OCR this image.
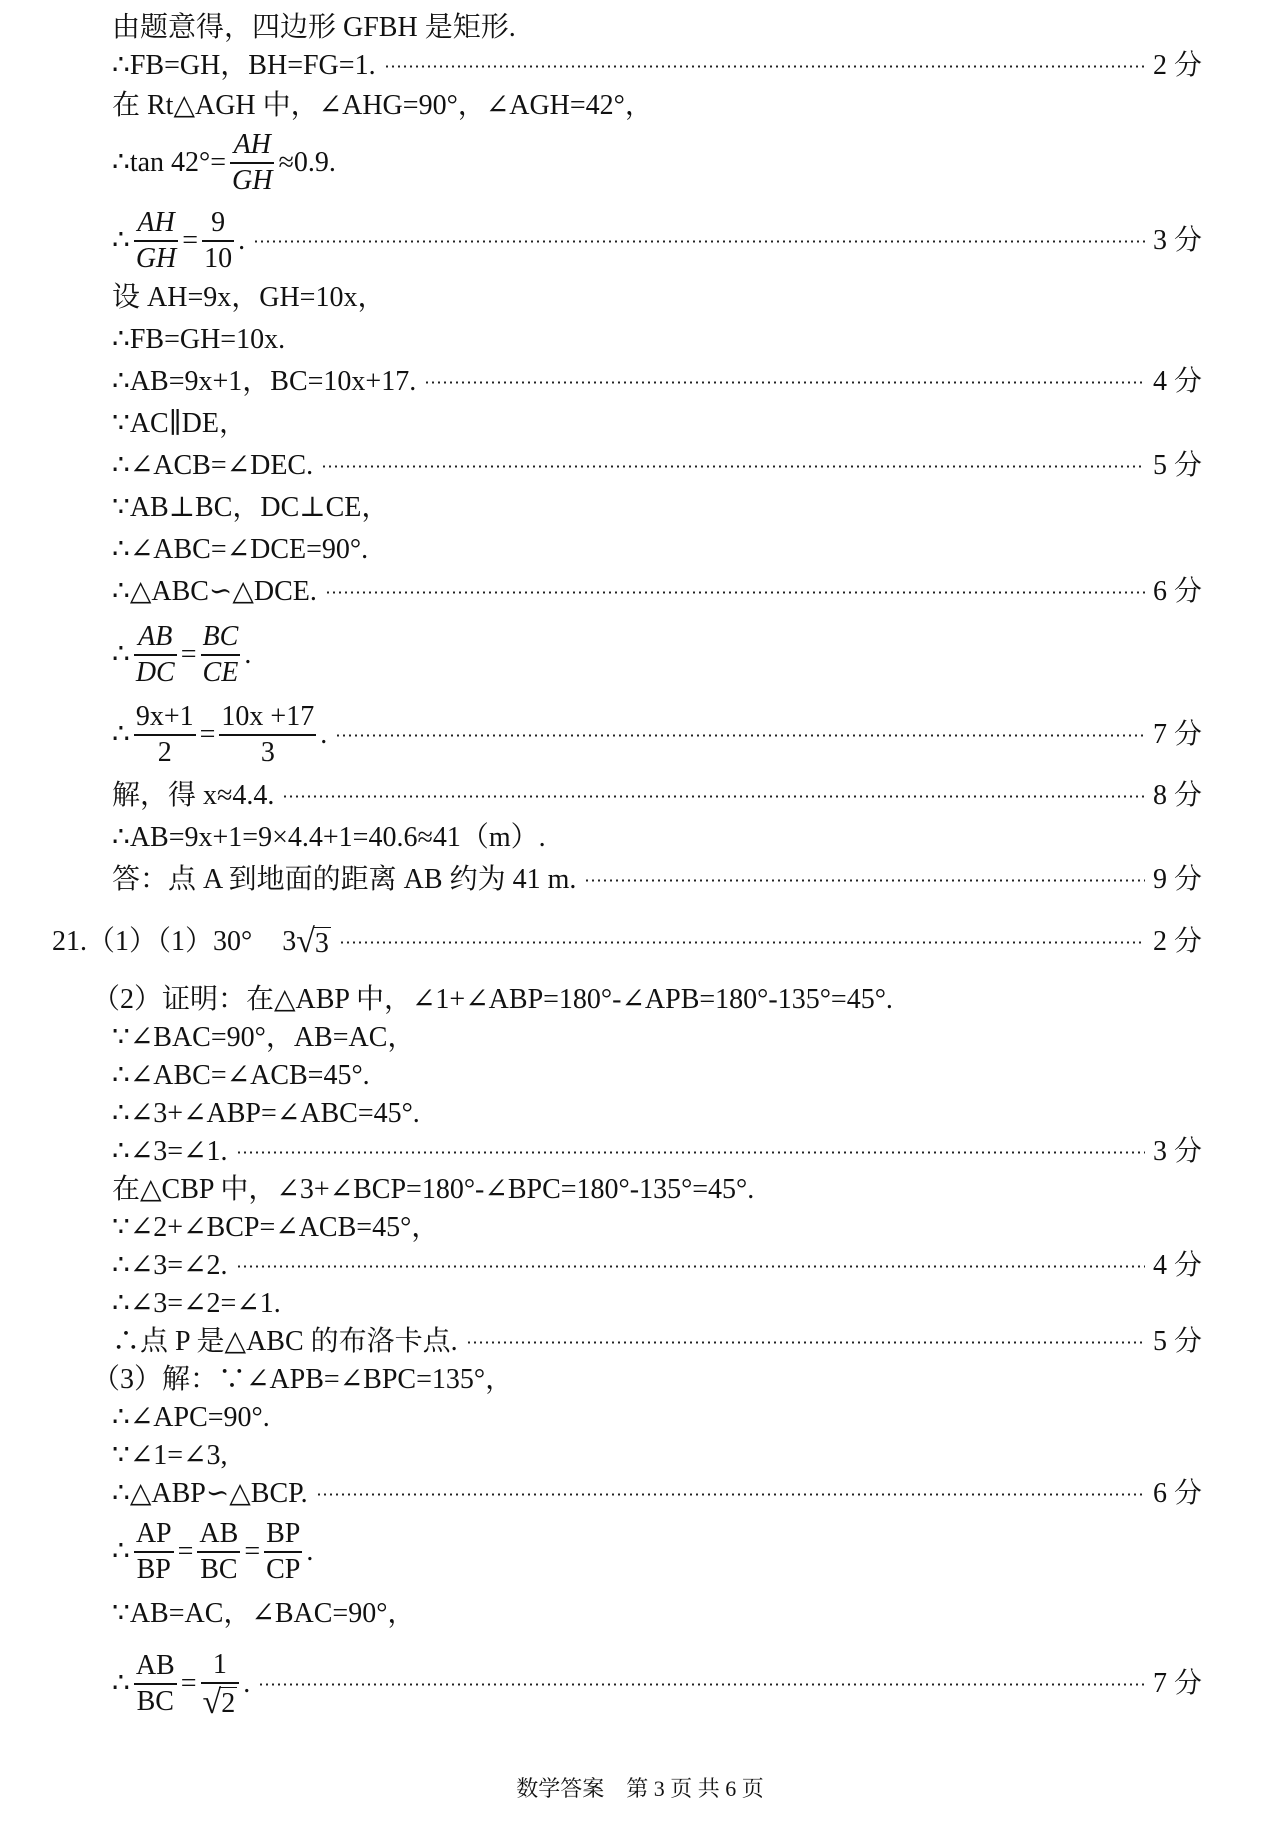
由题意得，四边形 GFBH 是矩形.
∴FB=GH，BH=FG=1.	2 分
在 Rt△AGH 中，∠AHG=90°，∠AGH=42°，
∴tan $42^\circ= \frac{AH}{GH} \approx 0.9$.
∴ $\frac{AH}{GH} = \frac{9}{10}$ .	3 分
设 AH=9x，GH=10x，
∴FB=GH=10x.
∴AB=9x+1，BC=10x+17.	4 分
∵AC∥DE，
∴∠ACB=∠DEC.	5 分
∵AB⊥BC，DC⊥CE，
∴∠ABC=∠DCE=90°.
∴△ABC∽△DCE.	6 分
∴ $\frac{AB}{DC} = \frac{BC}{CE}$ .
∴ $\frac{9x+1}{2} = \frac{10x +17}{3}$ .	7 分
解，得 x≈4.4.	8 分
∴AB=9x+1=9×4.4+1=40.6≈41（m）.
答：点 A 到地面的距离 AB 约为 41 m.	9 分
21.（1）（1）30° 3 √ 3	2 分
（2）证明：在△ABP 中，∠1+∠ABP=180°-∠APB=180°-135°=45°.
∵∠BAC=90°，AB=AC，
∴∠ABC=∠ACB=45°.
∴∠3+∠ABP=∠ABC=45°.
∴∠3=∠1.	3 分
在△CBP 中，∠3+∠BCP=180°-∠BPC=180°-135°=45°.
∵∠2+∠BCP=∠ACB=45°，
∴∠3=∠2.	4 分
∴∠3=∠2=∠1.
∴点 P 是△ABC 的布洛卡点.	5 分
（3）解：∵∠APB=∠BPC=135°，
∴∠APC=90°.
∵∠1=∠3,
∴△ABP∽△BCP.	6 分
∴ $\frac{AP}{BP} = \frac{AB}{BC} = \frac{BP}{CP}$ .
∵AB=AC，∠BAC=90°，
∴ $\frac{AB}{BC} = \frac{1}{√ 2}$ .	7 分
数学答案　第 3 页 共 6 页
